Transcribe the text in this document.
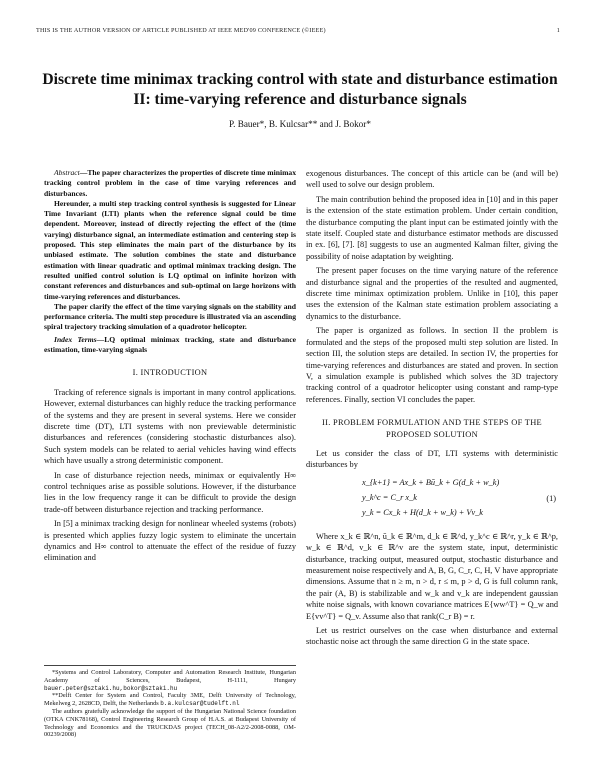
THIS IS THE AUTHOR VERSION OF ARTICLE PUBLISHED AT IEEE MED'09 CONFERENCE (©IEEE)	1
Discrete time minimax tracking control with state and disturbance estimation II: time-varying reference and disturbance signals
P. Bauer*, B. Kulcsar** and J. Bokor*

Abstract—The paper characterizes the properties of discrete time minimax tracking control problem in the case of time varying references and disturbances.

Hereunder, a multi step tracking control synthesis is suggested for Linear Time Invariant (LTI) plants when the reference signal could be time dependent. Moreover, instead of directly rejecting the effect of the (time varying) disturbance signal, an intermediate estimation and centering step is proposed. This step eliminates the main part of the disturbance by its unbiased estimate. The solution combines the state and disturbance estimation with linear quadratic and optimal minimax tracking design. The resulted unified control solution is LQ optimal on infinite horizon with constant references and disturbances and sub-optimal on large horizons with time-varying references and disturbances.

The paper clarify the effect of the time varying signals on the stability and performance criteria. The multi step procedure is illustrated via an ascending spiral trajectory tracking simulation of a quadrotor helicopter.

Index Terms—LQ optimal minimax tracking, state and disturbance estimation, time-varying signals
I. INTRODUCTION

Tracking of reference signals is important in many control applications. However, external disturbances can highly reduce the tracking performance of the systems and they are present in several systems. Here we consider discrete time (DT), LTI systems with non previewable deterministic disturbances and references (considering stochastic disturbances also). Such system models can be related to aerial vehicles having wind effects which have usually a strong deterministic component.

In case of disturbance rejection needs, minimax or equivalently H∞ control techniques arise as possible solutions. However, if the disturbance lies in the low frequency range it can be difficult to provide the design trade-off between disturbance rejection and tracking performance.

In [5] a minimax tracking design for nonlinear wheeled systems (robots) is presented which applies fuzzy logic system to eliminate the uncertain dynamics and H∞ control to attenuate the effect of the residue of fuzzy elimination and

*Systems and Control Laboratory, Computer and Automation Research Institute, Hungarian Academy of Sciences, Budapest, H-1111, Hungary bauer.peter@sztaki.hu,bokor@sztaki.hu
**Delft Center for System and Control, Faculty 3ME, Delft University of Technology, Mekelweg 2, 2628CD, Delft, the Netherlands b.a.kulcsar@tudelft.nl
The authors gratefully acknowledge the support of the Hungarian National Science foundation (OTKA CNK78168), Control Engineering Research Group of H.A.S. at Budapest University of Technology and Economics and the TRUCKDAS project (TECH_08-A2/2-2008-0088, OM-00239/2008)

exogenous disturbances. The concept of this article can be (and will be) well used to solve our design problem.

The main contribution behind the proposed idea in [10] and in this paper is the extension of the state estimation problem. Under certain condition, the disturbance computing the plant input can be estimated jointly with the state itself. Coupled state and disturbance estimator methods are discussed in ex. [6], [7]. [8] suggests to use an augmented Kalman filter, giving the possibility of noise adaptation by weighting.

The present paper focuses on the time varying nature of the reference and disturbance signal and the properties of the resulted and augmented, discrete time minimax optimization problem. Unlike in [10], this paper uses the extension of the Kalman state estimation problem associating a dynamics to the disturbance.

The paper is organized as follows. In section II the problem is formulated and the steps of the proposed multi step solution are listed. In section III, the solution steps are detailed. In section IV, the properties for time-varying references and disturbances are stated and proven. In section V, a simulation example is published which solves the 3D trajectory tracking control of a quadrotor helicopter using constant and ramp-type references. Finally, section VI concludes the paper.

II. PROBLEM FORMULATION AND THE STEPS OF THE PROPOSED SOLUTION

Let us consider the class of DT, LTI systems with deterministic disturbances by

x_{k+1} = Ax_k + Bū_k + G(d_k + w_k)
y_k^c = C_r x_k
y_k = Cx_k + H(d_k + w_k) + Vv_k
(1)

Where x_k ∈ ℝ^n, ū_k ∈ ℝ^m, d_k ∈ ℝ^d, y_k^c ∈ ℝ^r, y_k ∈ ℝ^p, w_k ∈ ℝ^d, v_k ∈ ℝ^v are the system state, input, deterministic disturbance, tracking output, measured output, stochastic disturbance and measurement noise respectively and A, B, G, C_r, C, H, V have appropriate dimensions. Assume that n ≥ m, n > d, r ≤ m, p > d, G is full column rank, the pair (A, B) is stabilizable and w_k and v_k are independent gaussian white noise signals, with known covariance matrices E{ww^T} = Q_w and E{vv^T} = Q_v. Assume also that rank(C_r B) = r.

Let us restrict ourselves on the case when disturbance and external stochastic noise act through the same direction G in the state space.
